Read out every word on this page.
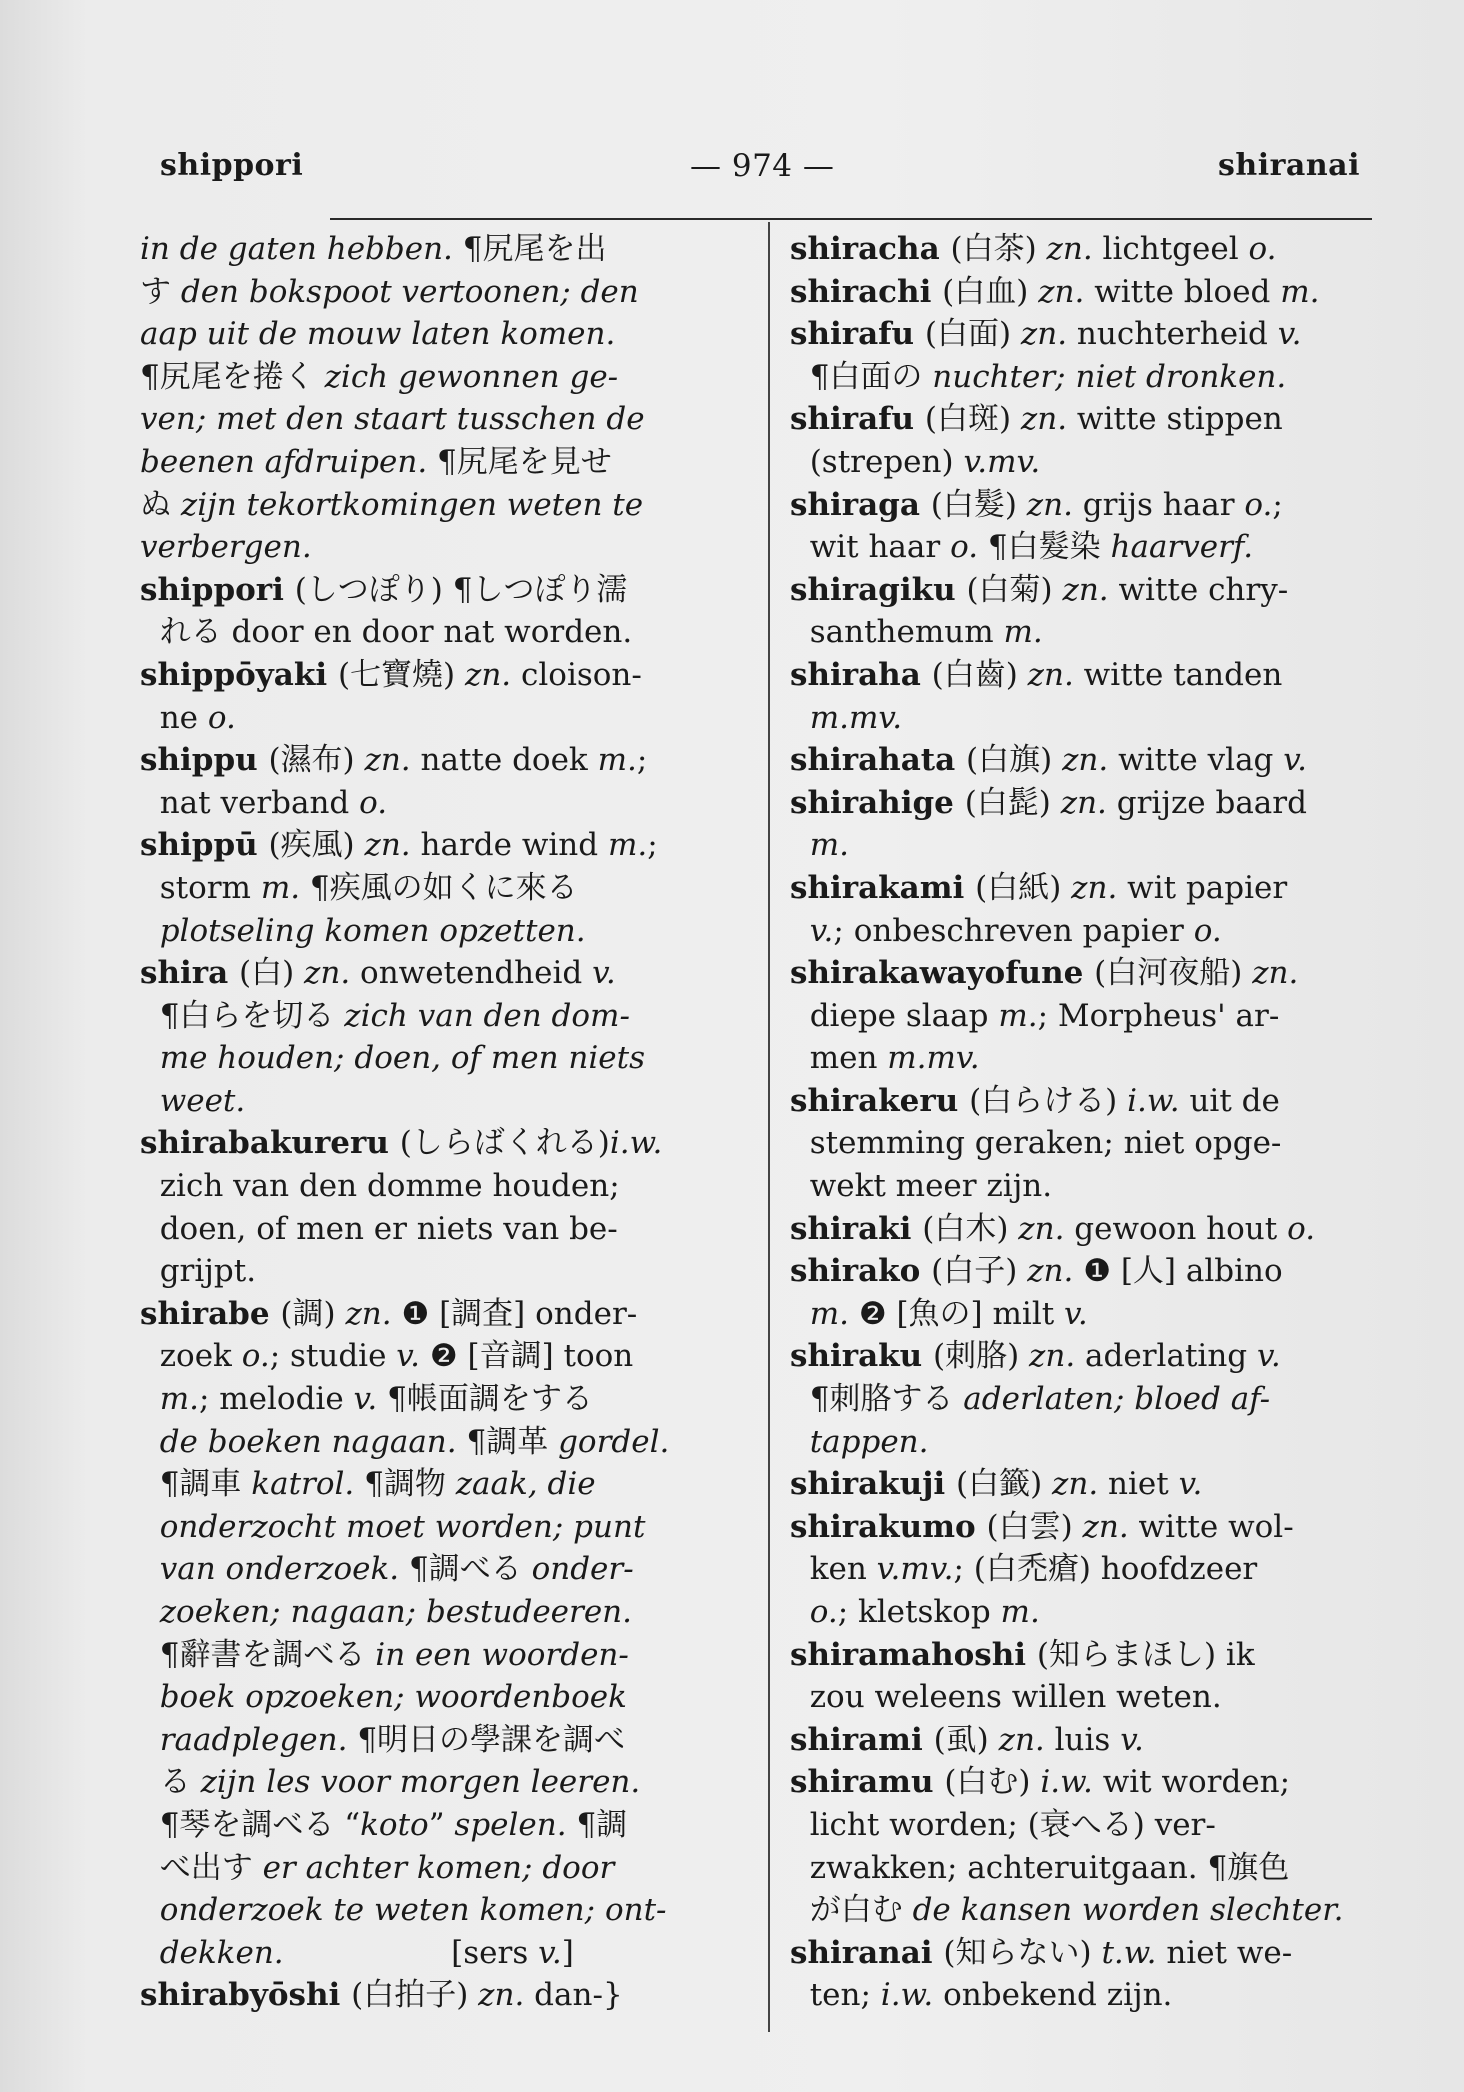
shippori	— 974 —	shiranai
in de gaten hebben. ¶尻尾を出
す den bokspoot vertoonen; den
aap uit de mouw laten komen.
¶尻尾を捲く zich gewonnen ge-
ven; met den staart tusschen de
beenen afdruipen. ¶尻尾を見せ
ぬ zijn tekortkomingen weten te
verbergen.
shippori (しつぽり) ¶しつぽり濡
れる door en door nat worden.
shippōyaki (七寶燒) zn. cloison-
ne o.
shippu (濕布) zn. natte doek m.;
nat verband o.
shippū (疾風) zn. harde wind m.;
storm m. ¶疾風の如くに來る
plotseling komen opzetten.
shira (白) zn. onwetendheid v.
¶白らを切る zich van den dom-
me houden; doen, of men niets
weet.
shirabakureru (しらばくれる)i.w.
zich van den domme houden;
doen, of men er niets van be-
grijpt.
shirabe (調) zn. ❶ [調査] onder-
zoek o.; studie v. ❷ [音調] toon
m.; melodie v. ¶帳面調をする
de boeken nagaan. ¶調革 gordel.
¶調車 katrol. ¶調物 zaak, die
onderzocht moet worden; punt
van onderzoek. ¶調べる onder-
zoeken; nagaan; bestudeeren.
¶辭書を調べる in een woorden-
boek opzoeken; woordenboek
raadplegen. ¶明日の學課を調べ
る zijn les voor morgen leeren.
¶琴を調べる “koto” spelen. ¶調
べ出す er achter komen; door
onderzoek te weten komen; ont-
dekken.                 [sers v.]
shirabyōshi (白拍子) zn. dan-}
shiracha (白茶) zn. lichtgeel o.
shirachi (白血) zn. witte bloed m.
shirafu (白面) zn. nuchterheid v.
¶白面の nuchter; niet dronken.
shirafu (白斑) zn. witte stippen
(strepen) v.mv.
shiraga (白髮) zn. grijs haar o.;
wit haar o. ¶白髮染 haarverf.
shiragiku (白菊) zn. witte chry-
santhemum m.
shiraha (白齒) zn. witte tanden
m.mv.
shirahata (白旗) zn. witte vlag v.
shirahige (白髭) zn. grijze baard
m.
shirakami (白紙) zn. wit papier
v.; onbeschreven papier o.
shirakawayofune (白河夜船) zn.
diepe slaap m.; Morpheus' ar-
men m.mv.
shirakeru (白らける) i.w. uit de
stemming geraken; niet opge-
wekt meer zijn.
shiraki (白木) zn. gewoon hout o.
shirako (白子) zn. ❶ [人] albino
m. ❷ [魚の] milt v.
shiraku (刺胳) zn. aderlating v.
¶刺胳する aderlaten; bloed af-
tappen.
shirakuji (白籤) zn. niet v.
shirakumo (白雲) zn. witte wol-
ken v.mv.; (白禿瘡) hoofdzeer
o.; kletskop m.
shiramahoshi (知らまほし) ik
zou weleens willen weten.
shirami (虱) zn. luis v.
shiramu (白む) i.w. wit worden;
licht worden; (衰へる) ver-
zwakken; achteruitgaan. ¶旗色
が白む de kansen worden slechter.
shiranai (知らない) t.w. niet we-
ten; i.w. onbekend zijn.
